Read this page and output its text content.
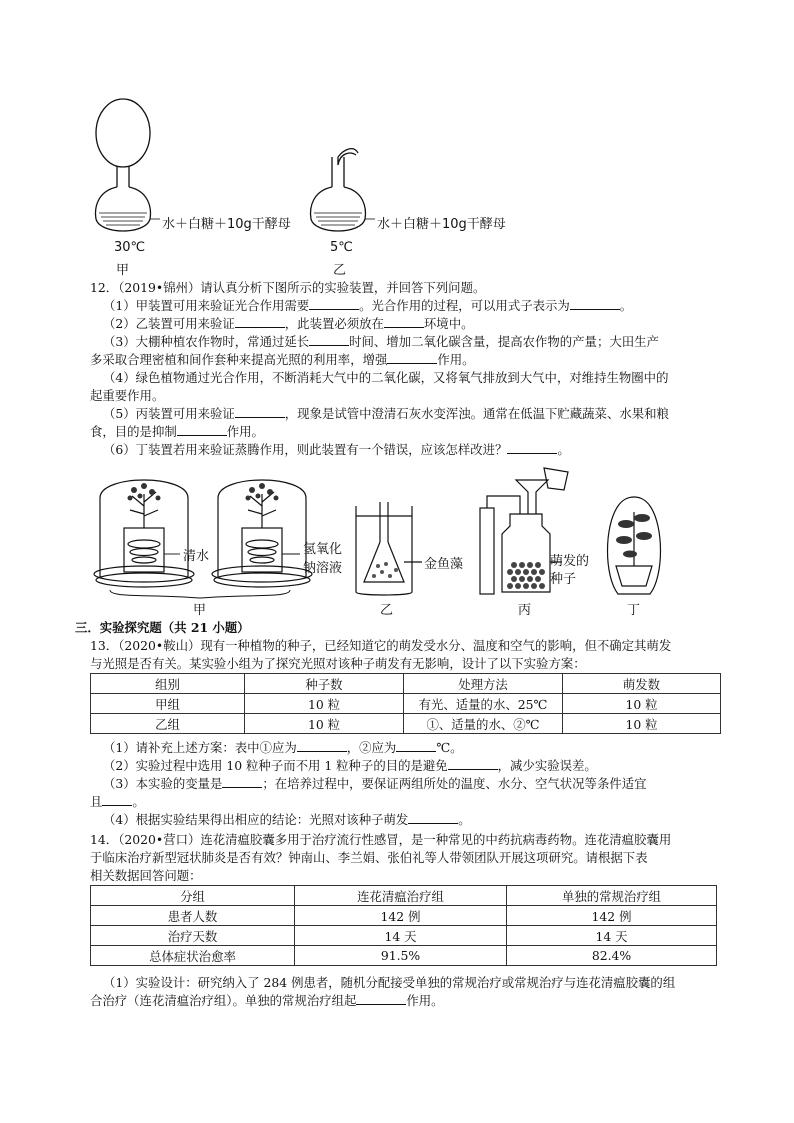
水＋白糖＋10g干酵母	水＋白糖＋10g干酵母
30℃	5℃
甲	乙
12．（2019•锦州）请认真分析下图所示的实验装置，并回答下列问题。
（1）甲装置可用来验证光合作用需要	。光合作用的过程，可以用式子表示为	。
（2）乙装置可用来验证	，此装置必须放在	环境中。
（3）大棚种植农作物时，常通过延长	时间、增加二氧化碳含量，提高农作物的产量；大田生产
多采取合理密植和间作套种来提高光照的利用率，增强	作用。
（4）绿色植物通过光合作用，不断消耗大气中的二氧化碳，又将氧气排放到大气中，对维持生物圈中的
起重要作用。
（5）丙装置可用来验证	，现象是试管中澄清石灰水变浑浊。通常在低温下贮藏蔬菜、水果和粮
食，目的是抑制	作用。
（6）丁装置若用来验证蒸腾作用，则此装置有一个错误，应该怎样改进？	。
清水	氢氧化
钠溶液	金鱼藻	萌发的
种子
甲	乙	丙	丁
三．实验探究题（共 21 小题）
13．（2020•鞍山）现有一种植物的种子，已经知道它的萌发受水分、温度和空气的影响，但不确定其萌发
与光照是否有关。某实验小组为了探究光照对该种子萌发有无影响，设计了以下实验方案：
组别	种子数	处理方法	萌发数
甲组	10 粒	有光、适量的水、25℃	10 粒
乙组	10 粒	①、适量的水、②℃	10 粒
（1）请补充上述方案：表中①应为	，②应为	℃。
（2）实验过程中选用 10 粒种子而不用 1 粒种子的目的是避免	，减少实验误差。
（3）本实验的变量是	；在培养过程中，要保证两组所处的温度、水分、空气状况等条件适宜
且 。
（4）根据实验结果得出相应的结论：光照对该种子萌发	。
14．（2020•营口）连花清瘟胶囊多用于治疗流行性感冒，是一种常见的中药抗病毒药物。连花清瘟胶囊用
于临床治疗新型冠状肺炎是否有效？钟南山、李兰娟、张伯礼等人带领团队开展这项研究。请根据下表
相关数据回答问题：
分组	连花清瘟治疗组	单独的常规治疗组
患者人数	142 例	142 例
治疗天数	14 天	14 天
总体症状治愈率	91.5%	82.4%
（1）实验设计：研究纳入了 284 例患者，随机分配接受单独的常规治疗或常规治疗与连花清瘟胶囊的组
合治疗（连花清瘟治疗组）。单独的常规治疗组起	作用。
